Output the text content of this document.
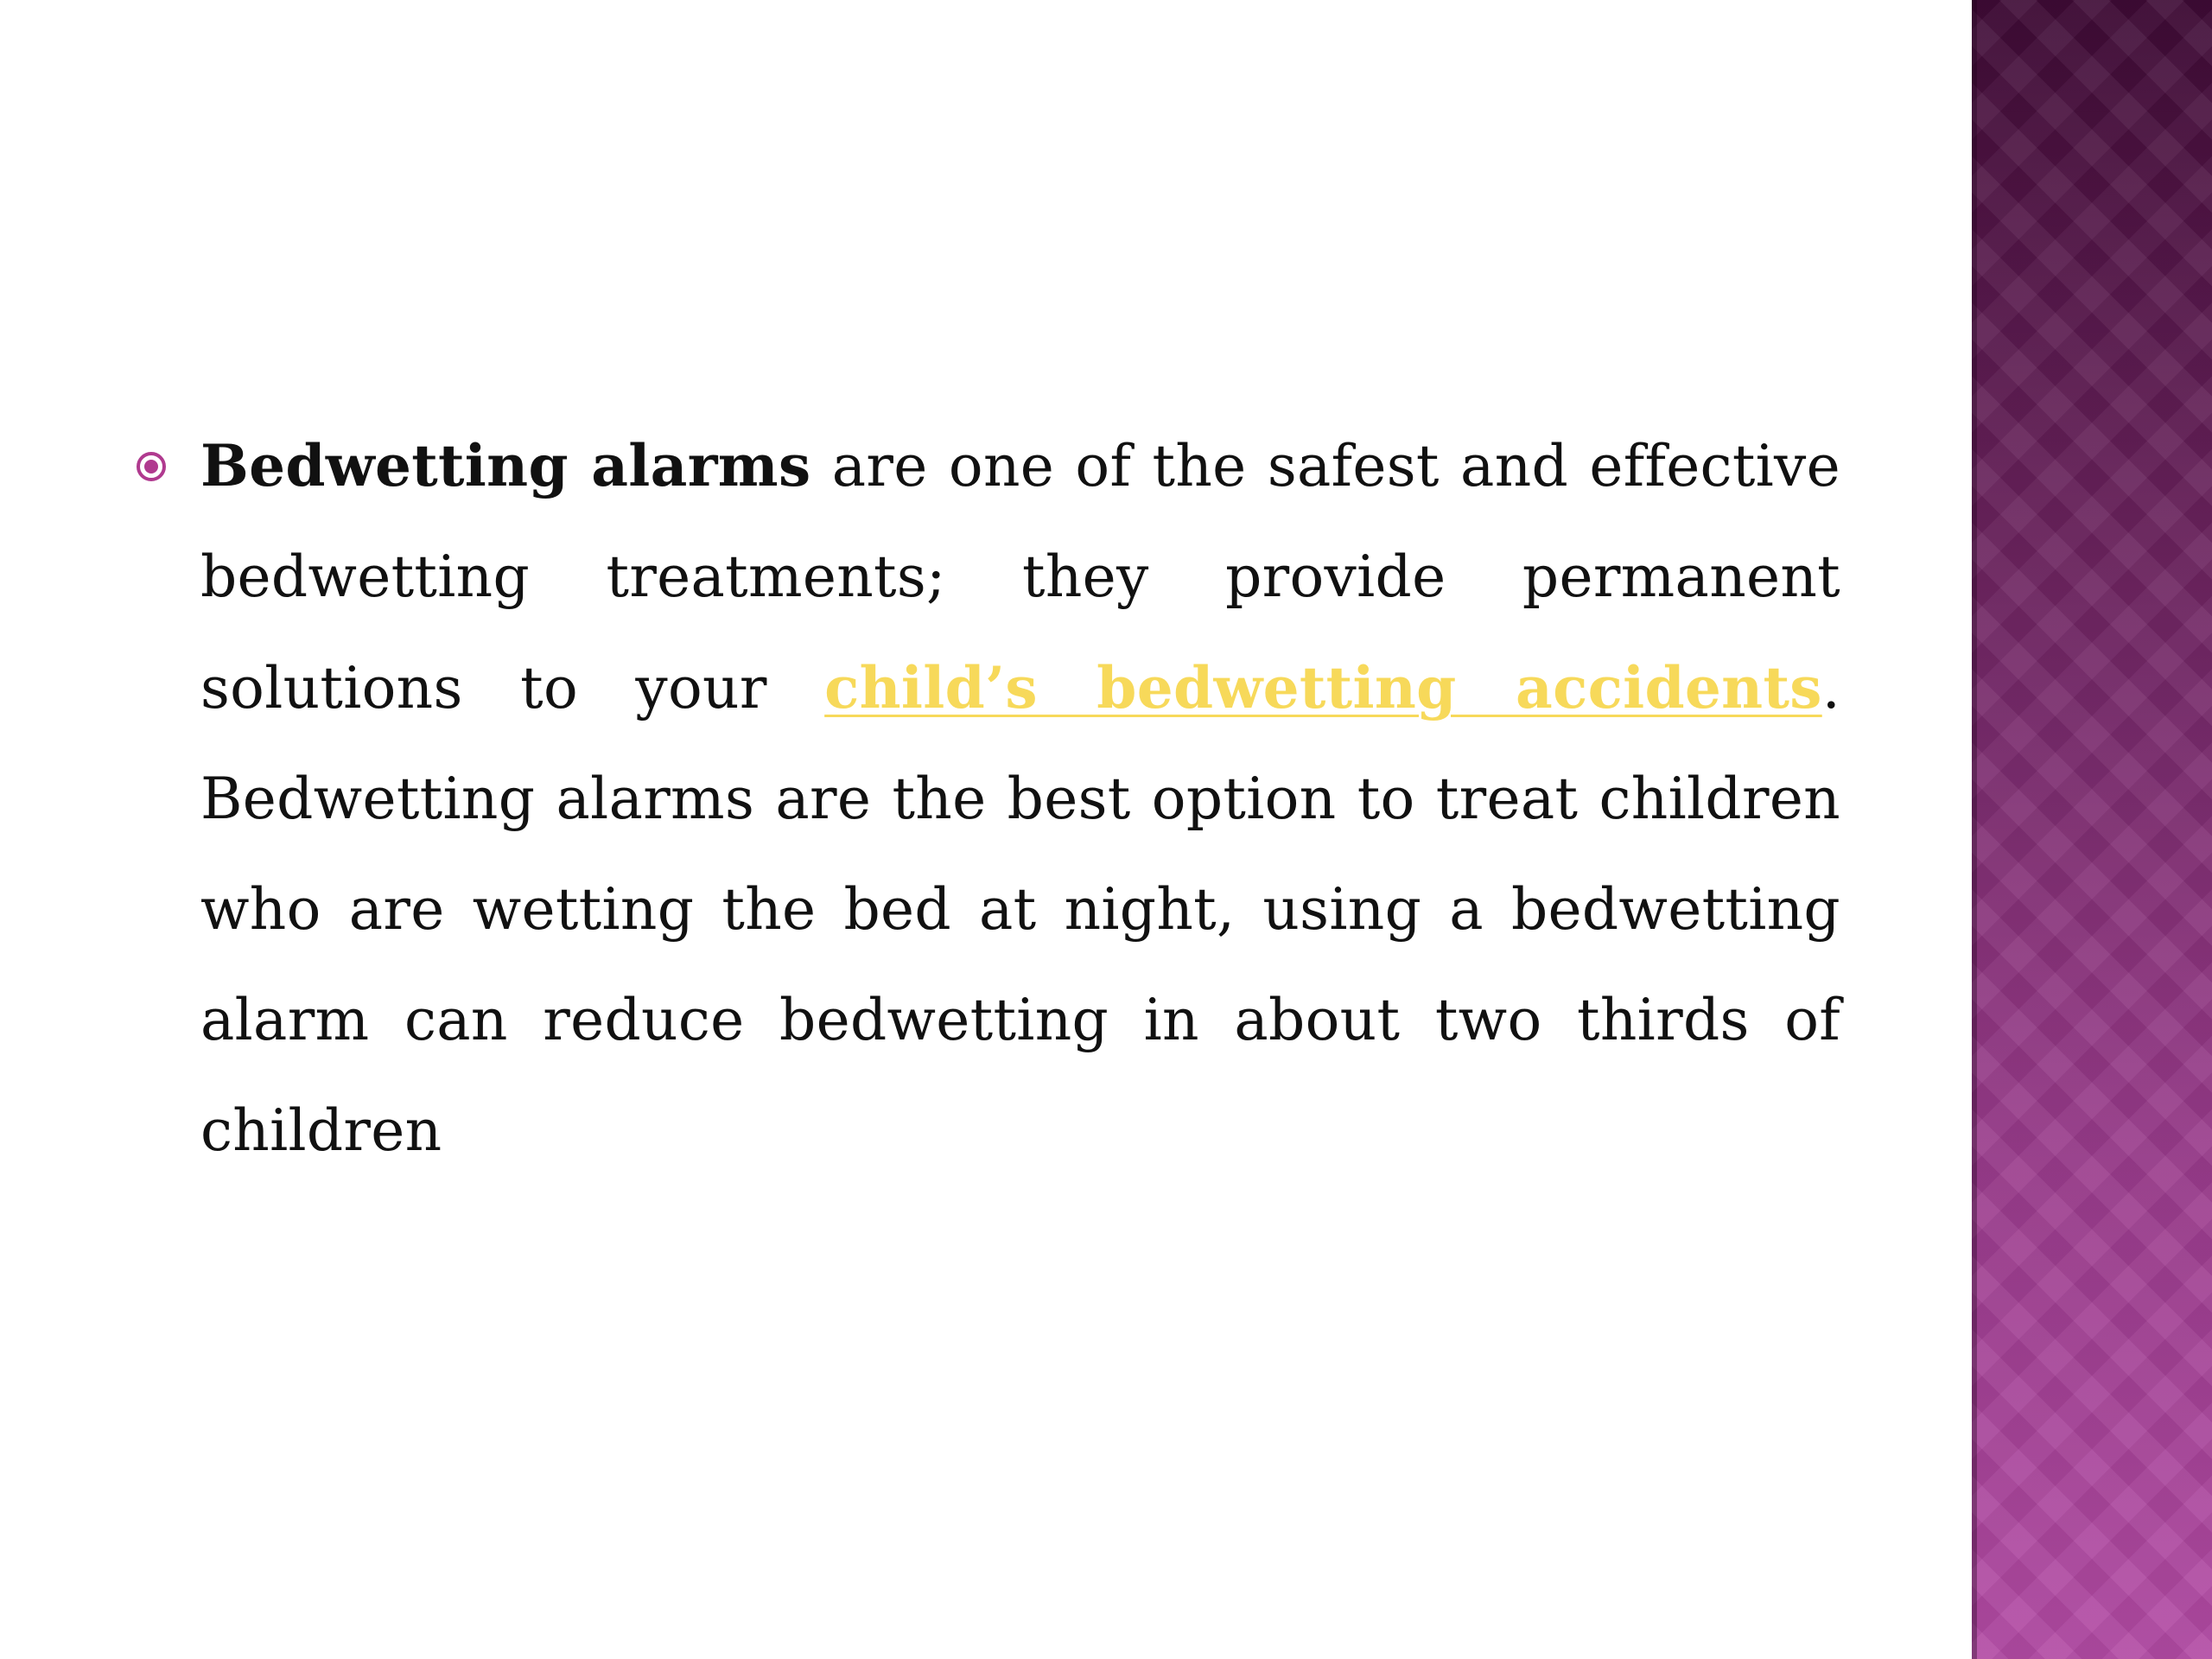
Bedwetting alarms are one of the safest and effective bedwetting treatments; they provide permanent solutions to your child’s bedwetting accidents. Bedwetting alarms are the best option to treat children who are wetting the bed at night, using a bedwetting alarm can reduce bedwetting in about two thirds of children
